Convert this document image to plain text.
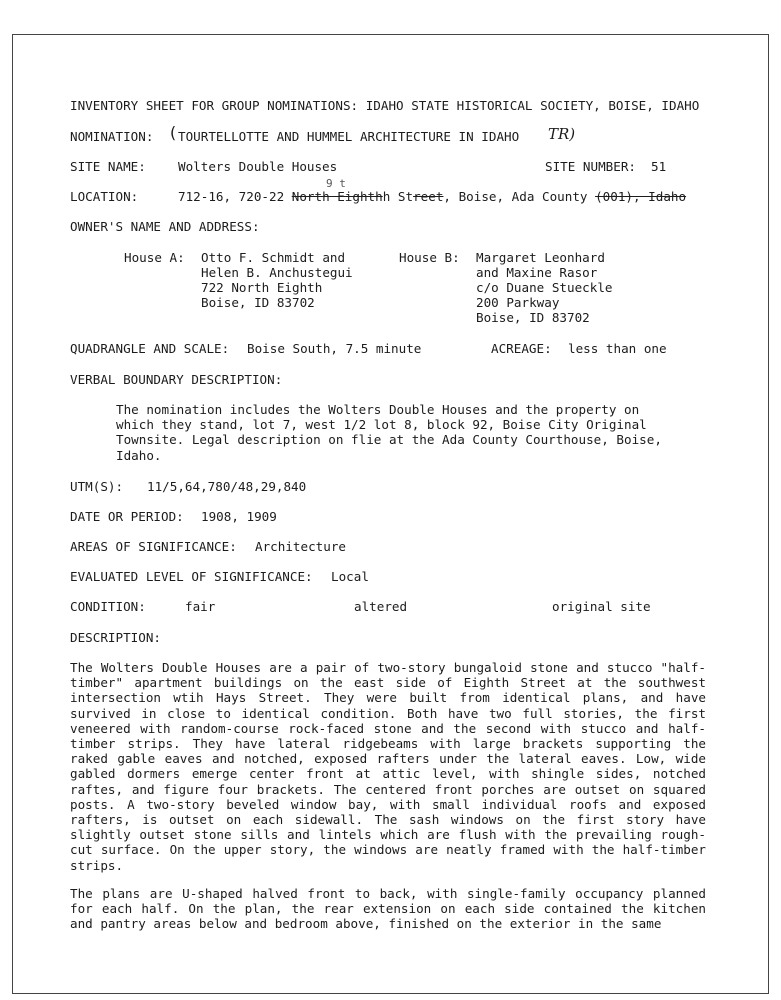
INVENTORY SHEET FOR GROUP NOMINATIONS: IDAHO STATE HISTORICAL SOCIETY, BOISE, IDAHO
NOMINATION: ( TOURTELLOTTE AND HUMMEL ARCHITECTURE IN IDAHO TR)
SITE NAME:	Wolters Double Houses	SITE NUMBER: 51
9 t
LOCATION:	712-16, 720-22 North Eighthh Street, Boise, Ada County (001), Idaho
OWNER'S NAME AND ADDRESS:
House A: Otto F. Schmidt and
Helen B. Anchustegui
722 North Eighth
Boise, ID 83702
House B: Margaret Leonhard
and Maxine Rasor
c/o Duane Stueckle
200 Parkway
Boise, ID 83702
QUADRANGLE AND SCALE: Boise South, 7.5 minute	ACREAGE: less than one
VERBAL BOUNDARY DESCRIPTION:
The nomination includes the Wolters Double Houses and the property on which they stand, lot 7, west 1/2 lot 8, block 92, Boise City Original Townsite. Legal description on flie at the Ada County Courthouse, Boise, Idaho.
UTM(S): 11/5,64,780/48,29,840
DATE OR PERIOD: 1908, 1909
AREAS OF SIGNIFICANCE: Architecture
EVALUATED LEVEL OF SIGNIFICANCE: Local
CONDITION:	fair	altered	original site
DESCRIPTION:
The Wolters Double Houses are a pair of two-story bungaloid stone and stucco "half-timber" apartment buildings on the east side of Eighth Street at the southwest intersection wtih Hays Street. They were built from identical plans, and have survived in close to identical condition. Both have two full stories, the first veneered with random-course rock-faced stone and the second with stucco and half-timber strips. They have lateral ridgebeams with large brackets supporting the raked gable eaves and notched, exposed rafters under the lateral eaves. Low, wide gabled dormers emerge center front at attic level, with shingle sides, notched raftes, and figure four brackets. The centered front porches are outset on squared posts. A two-story beveled window bay, with small individual roofs and exposed rafters, is outset on each sidewall. The sash windows on the first story have slightly outset stone sills and lintels which are flush with the prevailing rough-cut surface. On the upper story, the windows are neatly framed with the half-timber strips.
The plans are U-shaped halved front to back, with single-family occupancy planned for each half. On the plan, the rear extension on each side contained the kitchen and pantry areas below and bedroom above, finished on the exterior in the same
